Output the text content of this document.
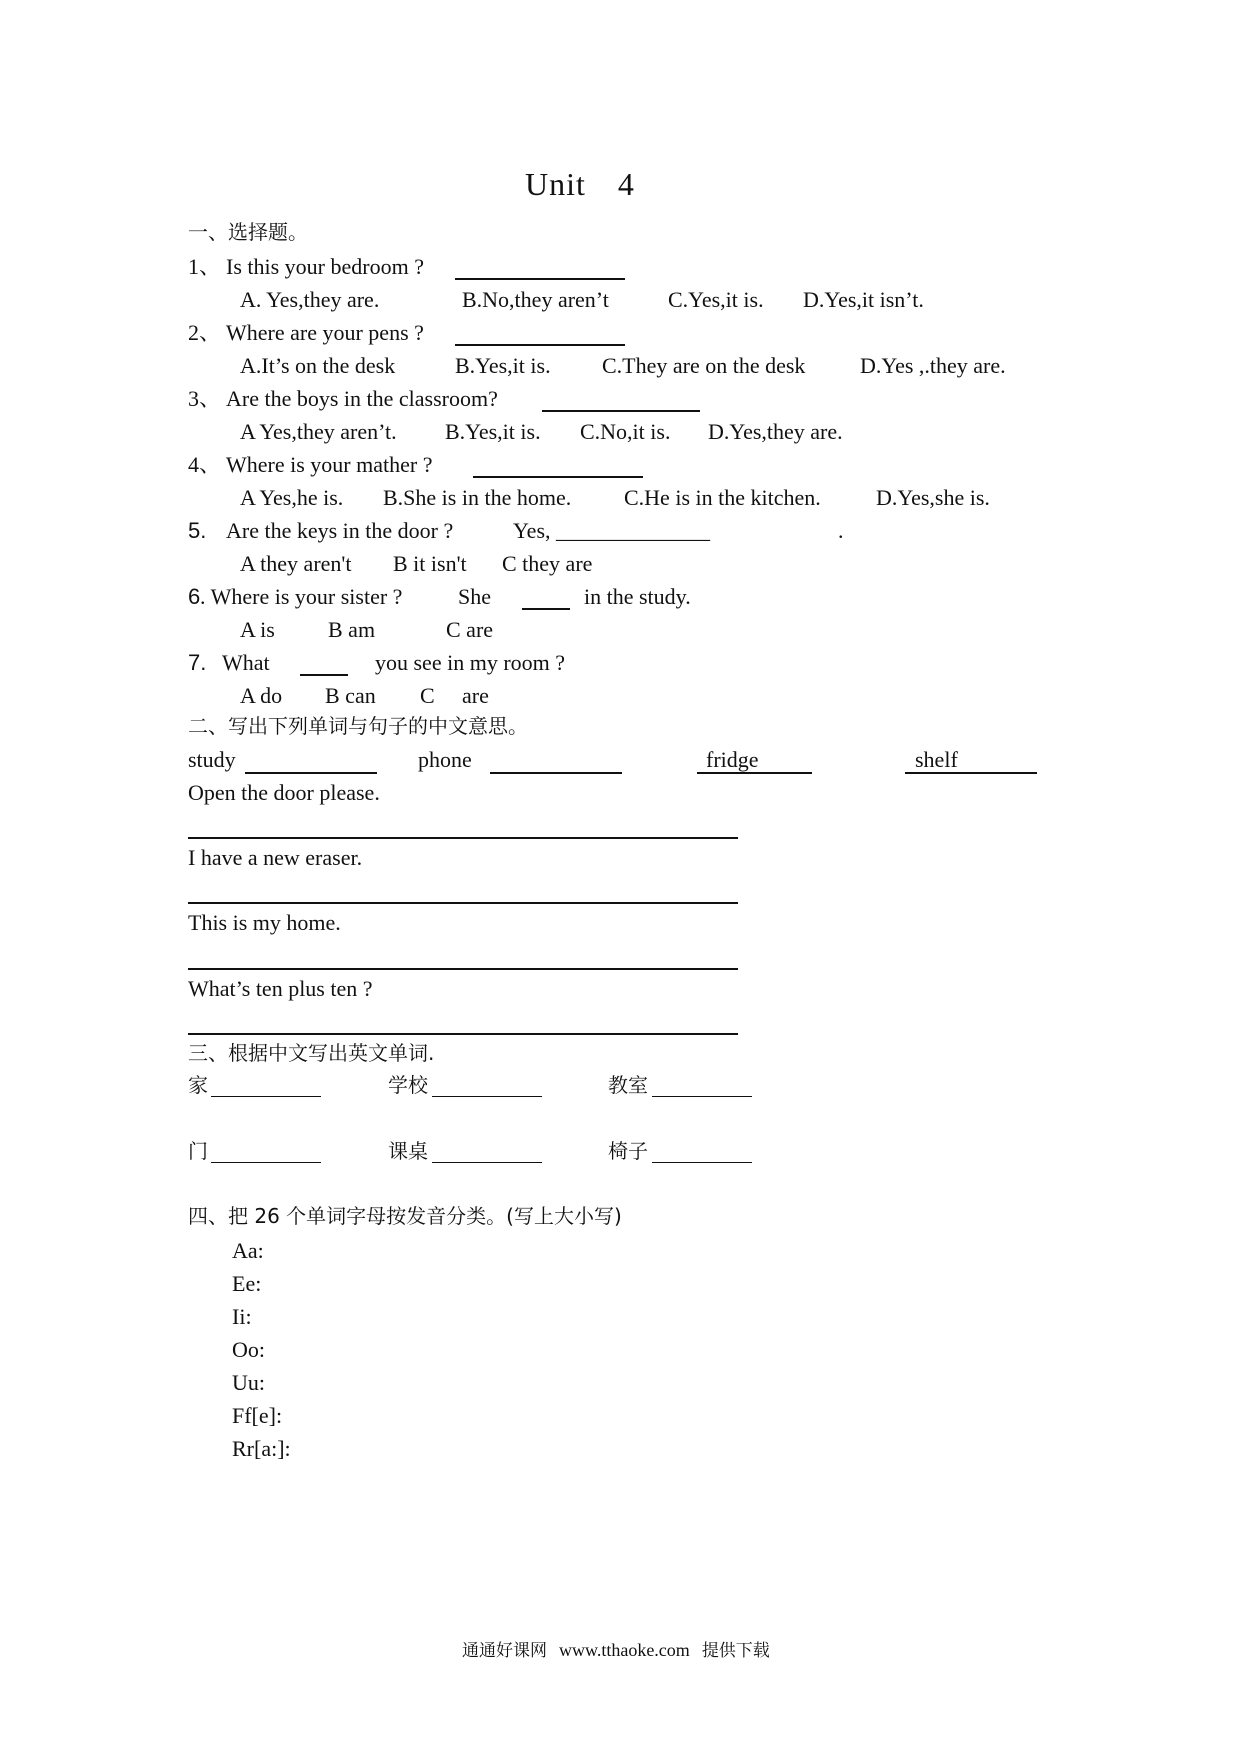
Unit 4
一、选择题。
1、 Is this your bedroom ?
A. Yes,they are.	B.No,they aren’t	C.Yes,it is. D.Yes,it isn’t.
2、 Where are your pens ?
A.It’s on the desk	B.Yes,it is. C.They are on the desk D.Yes ,.they are.
3、 Are the boys in the classroom?
A Yes,they aren’t. B.Yes,it is. C.No,it is. D.Yes,they are.
4、 Where is your mather ?
A Yes,he is. B.She is in the home. C.He is in the kitchen.	D.Yes,she is.
5. Are the keys in the door ?	Yes, ______________	.
A they aren't B it isn't C they are
6 . Where is your sister ?	She	in the study.
A is B am	C are
7. What	you see in my room ?
A do B can C are
二、写出下列单词与句子的中文意思。
study	phone	fridge	shelf
Open the door please.
I have a new eraser.
This is my home.
What’s ten plus ten ?
三、根据中文写出英文单词.
家	学校	教室
门	课桌	椅子
四、把 26 个单词字母按发音分类。(写上大小写)
Aa:
Ee:
Ii:
Oo:
Uu:
Ff[e]:
Rr[a:]:
通通好课网 www.tthaoke.com 提供下载
